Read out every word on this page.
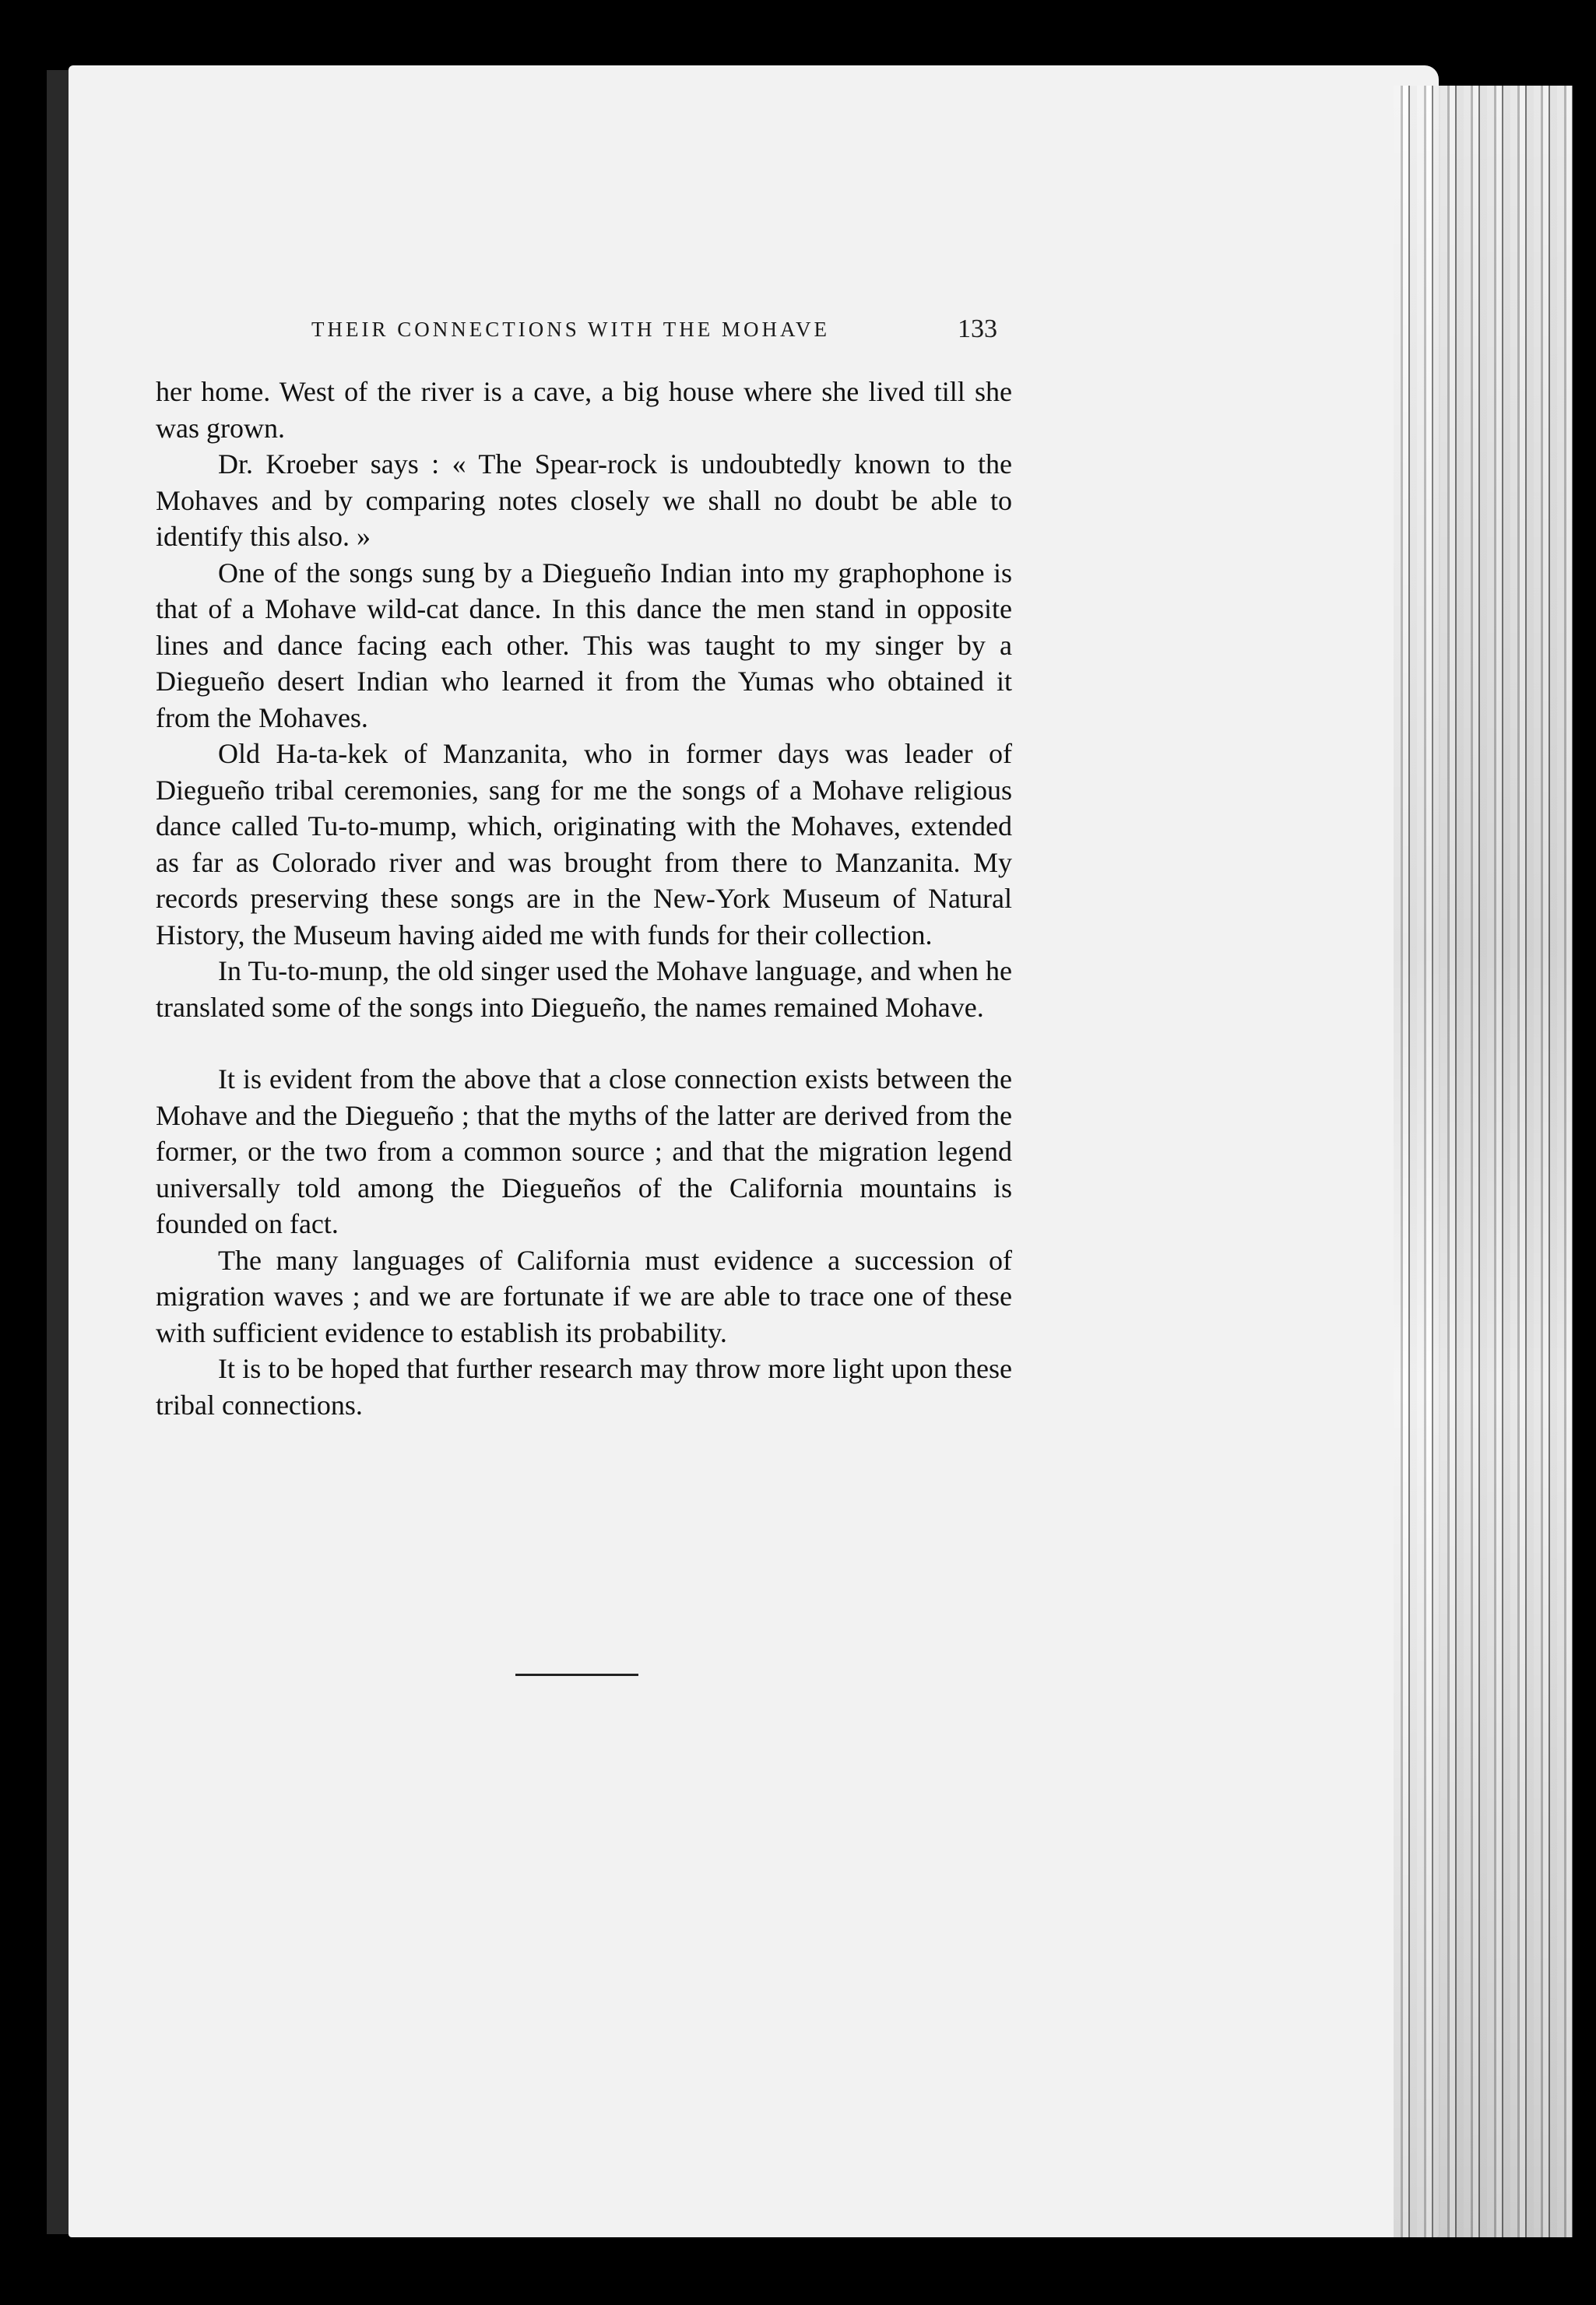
THEIR CONNECTIONS WITH THE MOHAVE	133

her home. West of the river is a cave, a big house where she lived till she was grown.

Dr. Kroeber says : « The Spear-rock is undoubtedly known to the Mohaves and by comparing notes closely we shall no doubt be able to identify this also. »

One of the songs sung by a Diegueño Indian into my graphophone is that of a Mohave wild-cat dance. In this dance the men stand in opposite lines and dance facing each other. This was taught to my singer by a Diegueño desert Indian who learned it from the Yumas who obtained it from the Mohaves.

Old Ha-ta-kek of Manzanita, who in former days was leader of Diegueño tribal ceremonies, sang for me the songs of a Mohave religious dance called Tu-to-mump, which, originating with the Mohaves, extended as far as Colorado river and was brought from there to Manzanita. My records preserving these songs are in the New-York Museum of Natural History, the Museum having aided me with funds for their collection.

In Tu-to-munp, the old singer used the Mohave language, and when he translated some of the songs into Diegueño, the names remained Mohave.

It is evident from the above that a close connection exists between the Mohave and the Diegueño ; that the myths of the latter are derived from the former, or the two from a common source ; and that the migration legend universally told among the Diegueños of the California mountains is founded on fact.

The many languages of California must evidence a succession of migration waves ; and we are fortunate if we are able to trace one of these with sufficient evidence to establish its probability.

It is to be hoped that further research may throw more light upon these tribal connections.
